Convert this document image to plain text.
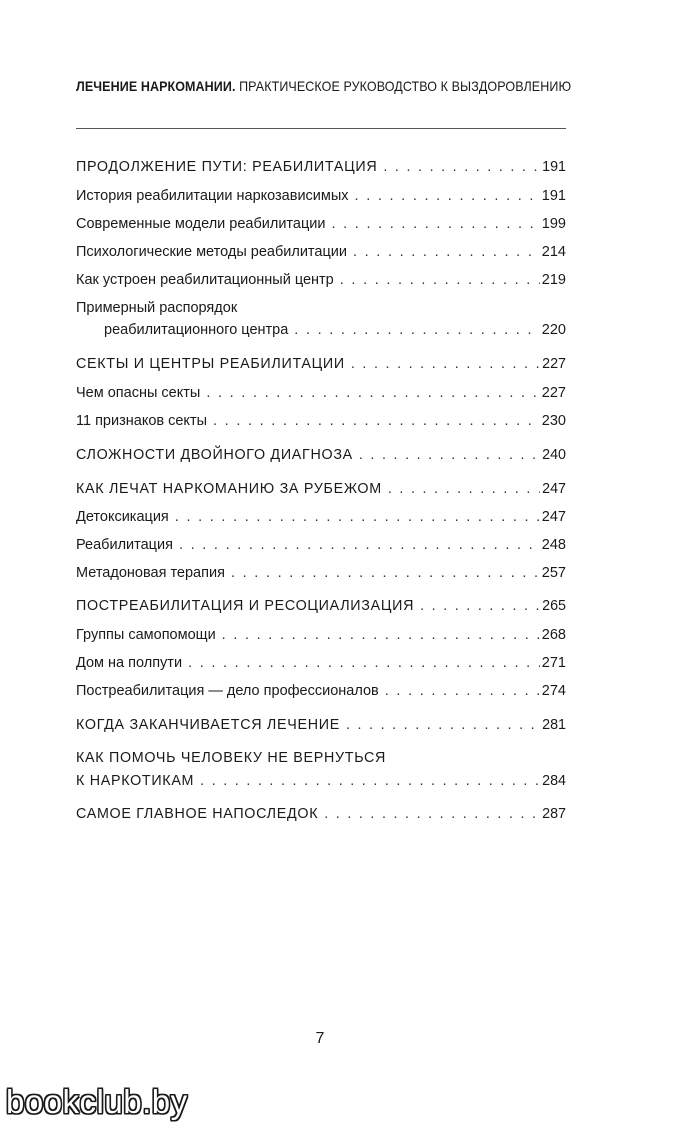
ЛЕЧЕНИЕ НАРКОМАНИИ. ПРАКТИЧЕСКОЕ РУКОВОДСТВО К ВЫЗДОРОВЛЕНИЮ
ПРОДОЛЖЕНИЕ ПУТИ: РЕАБИЛИТАЦИЯ . . .	191
История реабилитации наркозависимых . . .	191
Современные модели реабилитации . . .	199
Психологические методы реабилитации . . .	214
Как устроен реабилитационный центр . . .	219
Примерный распорядок
реабилитационного центра . . .	220
СЕКТЫ И ЦЕНТРЫ РЕАБИЛИТАЦИИ . . .	227
Чем опасны секты . . .	227
11 признаков секты . . .	230
СЛОЖНОСТИ ДВОЙНОГО ДИАГНОЗА . . .	240
КАК ЛЕЧАТ НАРКОМАНИЮ ЗА РУБЕЖОМ . . .	247
Детоксикация . . .	247
Реабилитация . . .	248
Метадоновая терапия . . .	257
ПОСТРЕАБИЛИТАЦИЯ И РЕСОЦИАЛИЗАЦИЯ . . .	265
Группы самопомощи . . .	268
Дом на полпути . . .	271
Постреабилитация — дело профессионалов . . .	274
КОГДА ЗАКАНЧИВАЕТСЯ ЛЕЧЕНИЕ . . .	281
КАК ПОМОЧЬ ЧЕЛОВЕКУ НЕ ВЕРНУТЬСЯ
К НАРКОТИКАМ . . .	284
САМОЕ ГЛАВНОЕ НАПОСЛЕДОК . . .	287
7
bookclub.by
